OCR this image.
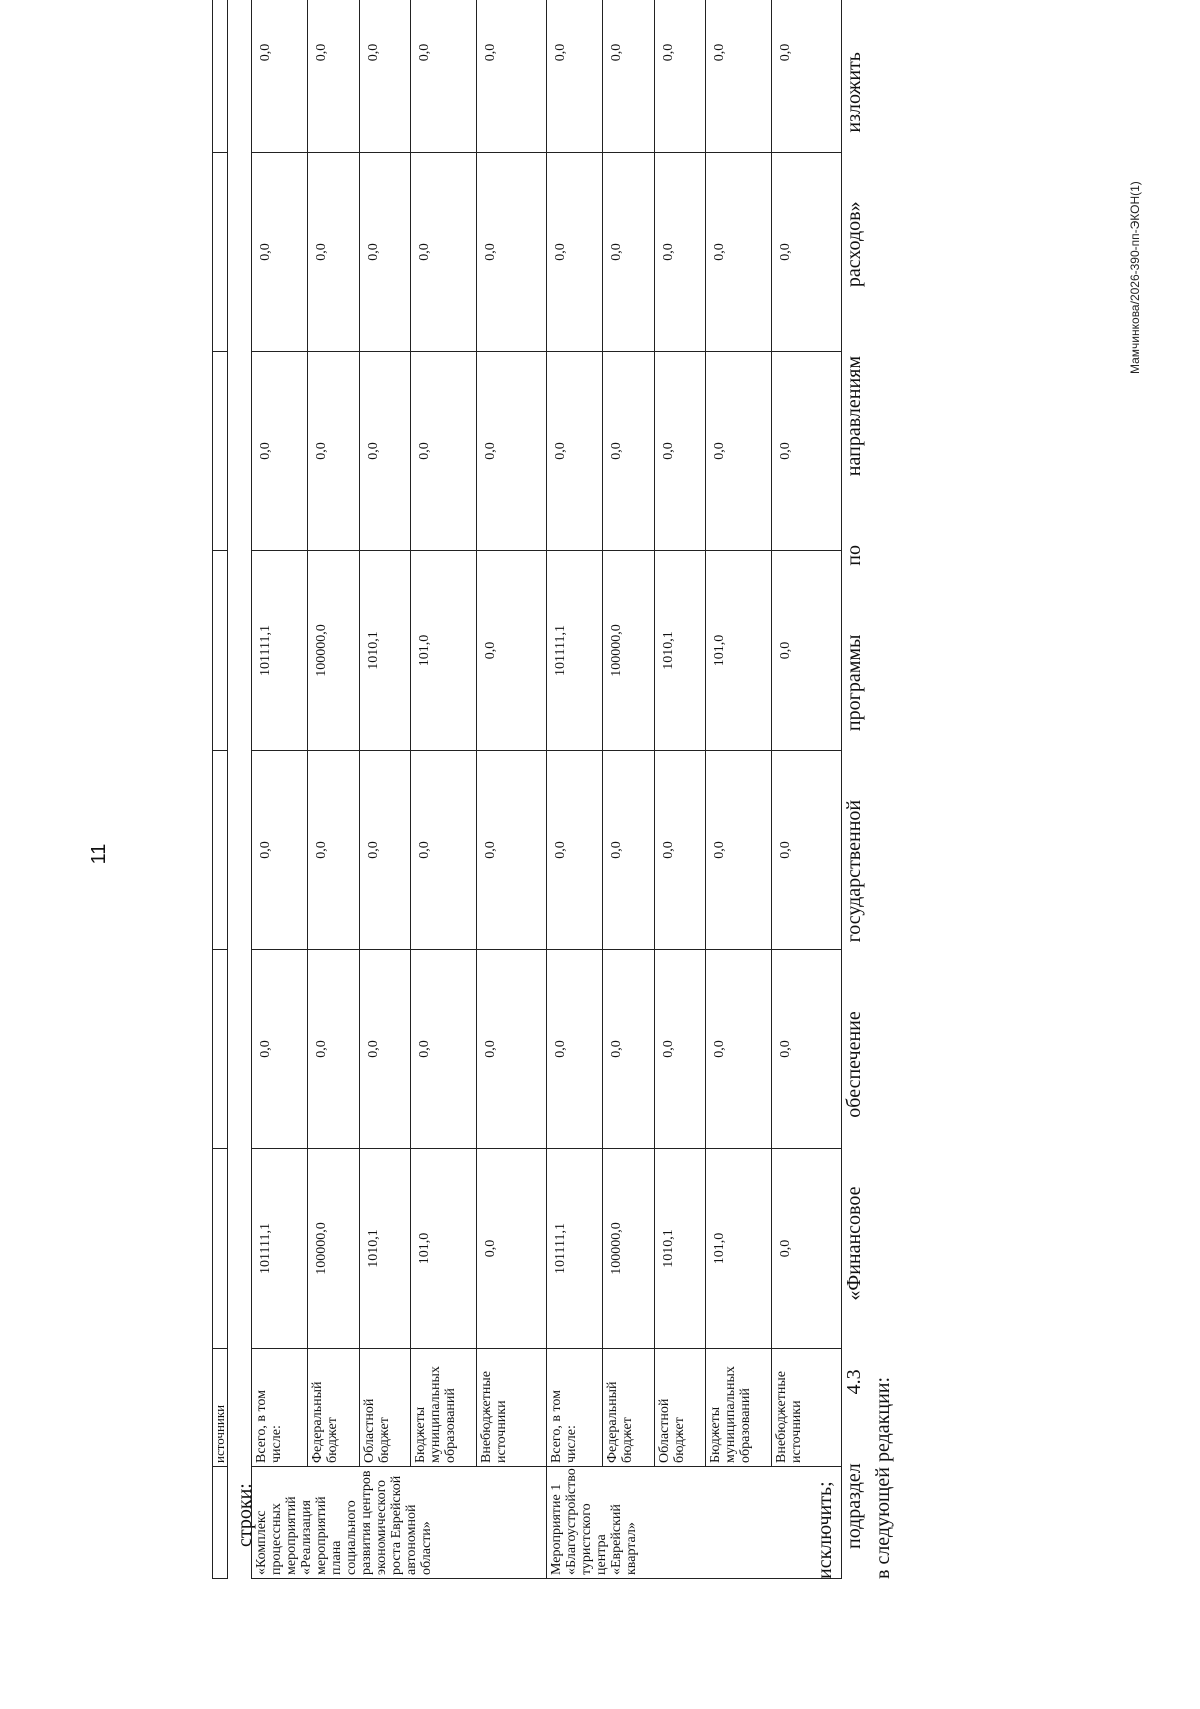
11
	источники								
строки:
«Комплекс процессных мероприятий «Реализация мероприятий плана социального развития центров экономического роста Еврейской автономной области»	Всего, в том числе:	101111,1	0,0	0,0	101111,1	0,0	0,0	0,0	
	Федеральный бюджет	100000,0	0,0	0,0	100000,0	0,0	0,0	0,0	
	Областной бюджет	1010,1	0,0	0,0	1010,1	0,0	0,0	0,0	
	Бюджеты муниципальных образований	101,0	0,0	0,0	101,0	0,0	0,0	0,0	
	Внебюджетные источники	0,0	0,0	0,0	0,0	0,0	0,0	0,0	
Мероприятие 1 «Благоустройство туристского центра «Еврейский квартал»	Всего, в том числе:	101111,1	0,0	0,0	101111,1	0,0	0,0	0,0	
	Федеральный бюджет	100000,0	0,0	0,0	100000,0	0,0	0,0	0,0	
	Областной бюджет	1010,1	0,0	0,0	1010,1	0,0	0,0	0,0	
	Бюджеты муниципальных образований	101,0	0,0	0,0	101,0	0,0	0,0	0,0	
	Внебюджетные источники	0,0	0,0	0,0	0,0	0,0	0,0	0,0	
исключить; подраздел
4.3
«Финансовое
обеспечение
государственной
программы
по
направлениям
расходов»
изложить
в следующей редакции:
Мамчинкова/2026-390-пп-ЭКОН(1)
